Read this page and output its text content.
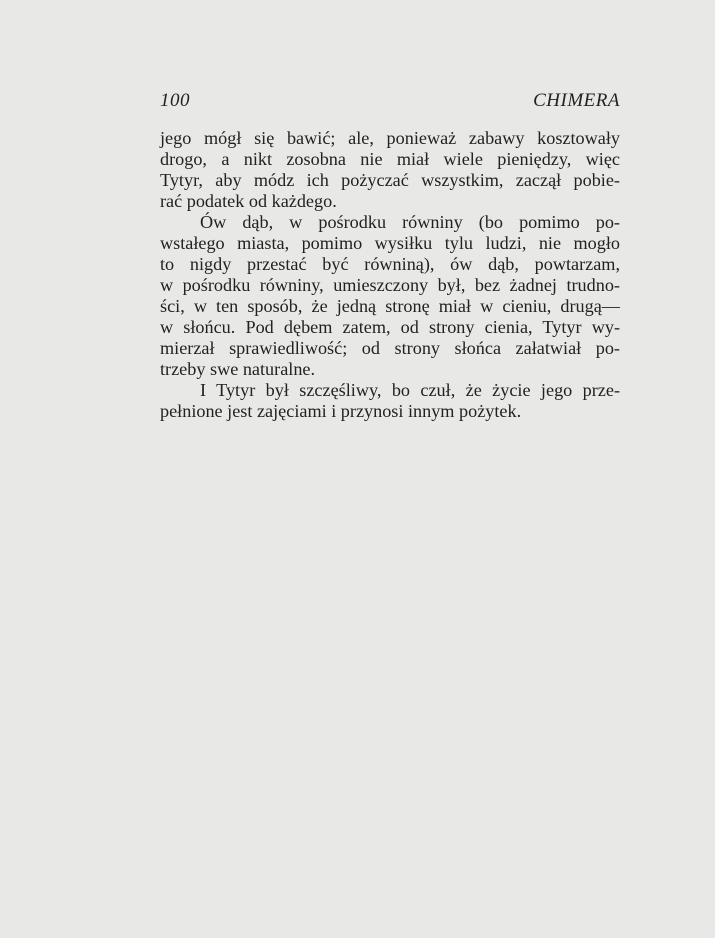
100	CHIMERA
jego mógł się bawić; ale, ponieważ zabawy kosztowały
drogo, a nikt zosobna nie miał wiele pieniędzy, więc
Tytyr, aby módz ich pożyczać wszystkim, zaczął pobie-
rać podatek od każdego.
Ów dąb, w pośrodku równiny (bo pomimo po-
wstałego miasta, pomimo wysiłku tylu ludzi, nie mogło
to nigdy przestać być równiną), ów dąb, powtarzam,
w pośrodku równiny, umieszczony był, bez żadnej trudno-
ści, w ten sposób, że jedną stronę miał w cieniu, drugą—
w słońcu. Pod dębem zatem, od strony cienia, Tytyr wy-
mierzał sprawiedliwość; od strony słońca załatwiał po-
trzeby swe naturalne.
I Tytyr był szczęśliwy, bo czuł, że życie jego prze-
pełnione jest zajęciami i przynosi innym pożytek.
